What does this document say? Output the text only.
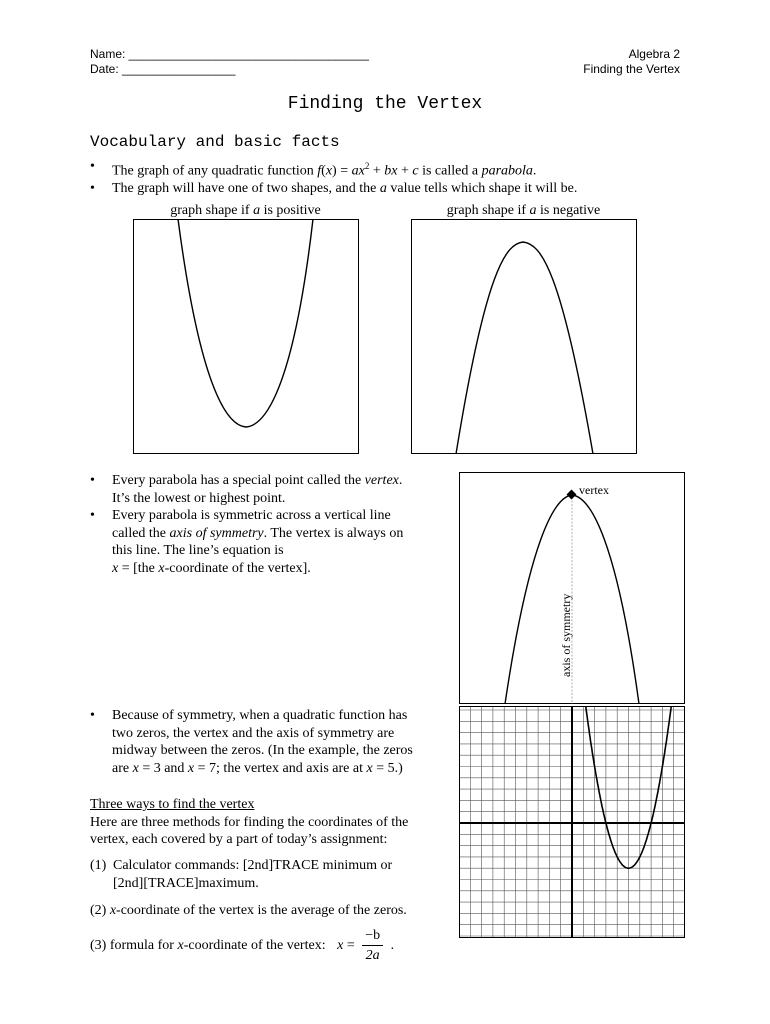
Name: ____________________________________
Date: _________________
Algebra 2
Finding the Vertex
Finding the Vertex
Vocabulary and basic facts
• The graph of any quadratic function $f(x) = ax^2$ + bx + c is called a parabola.
• The graph will have one of two shapes, and the a value tells which shape it will be.
graph shape if a is positive	graph shape if a is negative
• Every parabola has a special point called the vertex.
It’s the lowest or highest point.
• Every parabola is symmetric across a vertical line
called the axis of symmetry. The vertex is always on
this line. The line’s equation is
x = [the x-coordinate of the vertex].
vertex
axis of symmetry
• Because of symmetry, when a quadratic function has
two zeros, the vertex and the axis of symmetry are
midway between the zeros. (In the example, the zeros
are x = 3 and x = 7; the vertex and axis are at x = 5.)
Three ways to find the vertex
Here are three methods for finding the coordinates of the
vertex, each covered by a part of today’s assignment:
(1) Calculator commands: [2nd]TRACE minimum or
[2nd][TRACE]maximum.
(2) x-coordinate of the vertex is the average of the zeros.
(3) formula for x-coordinate of the vertex: $x = \frac{-b}{2a}$ .
